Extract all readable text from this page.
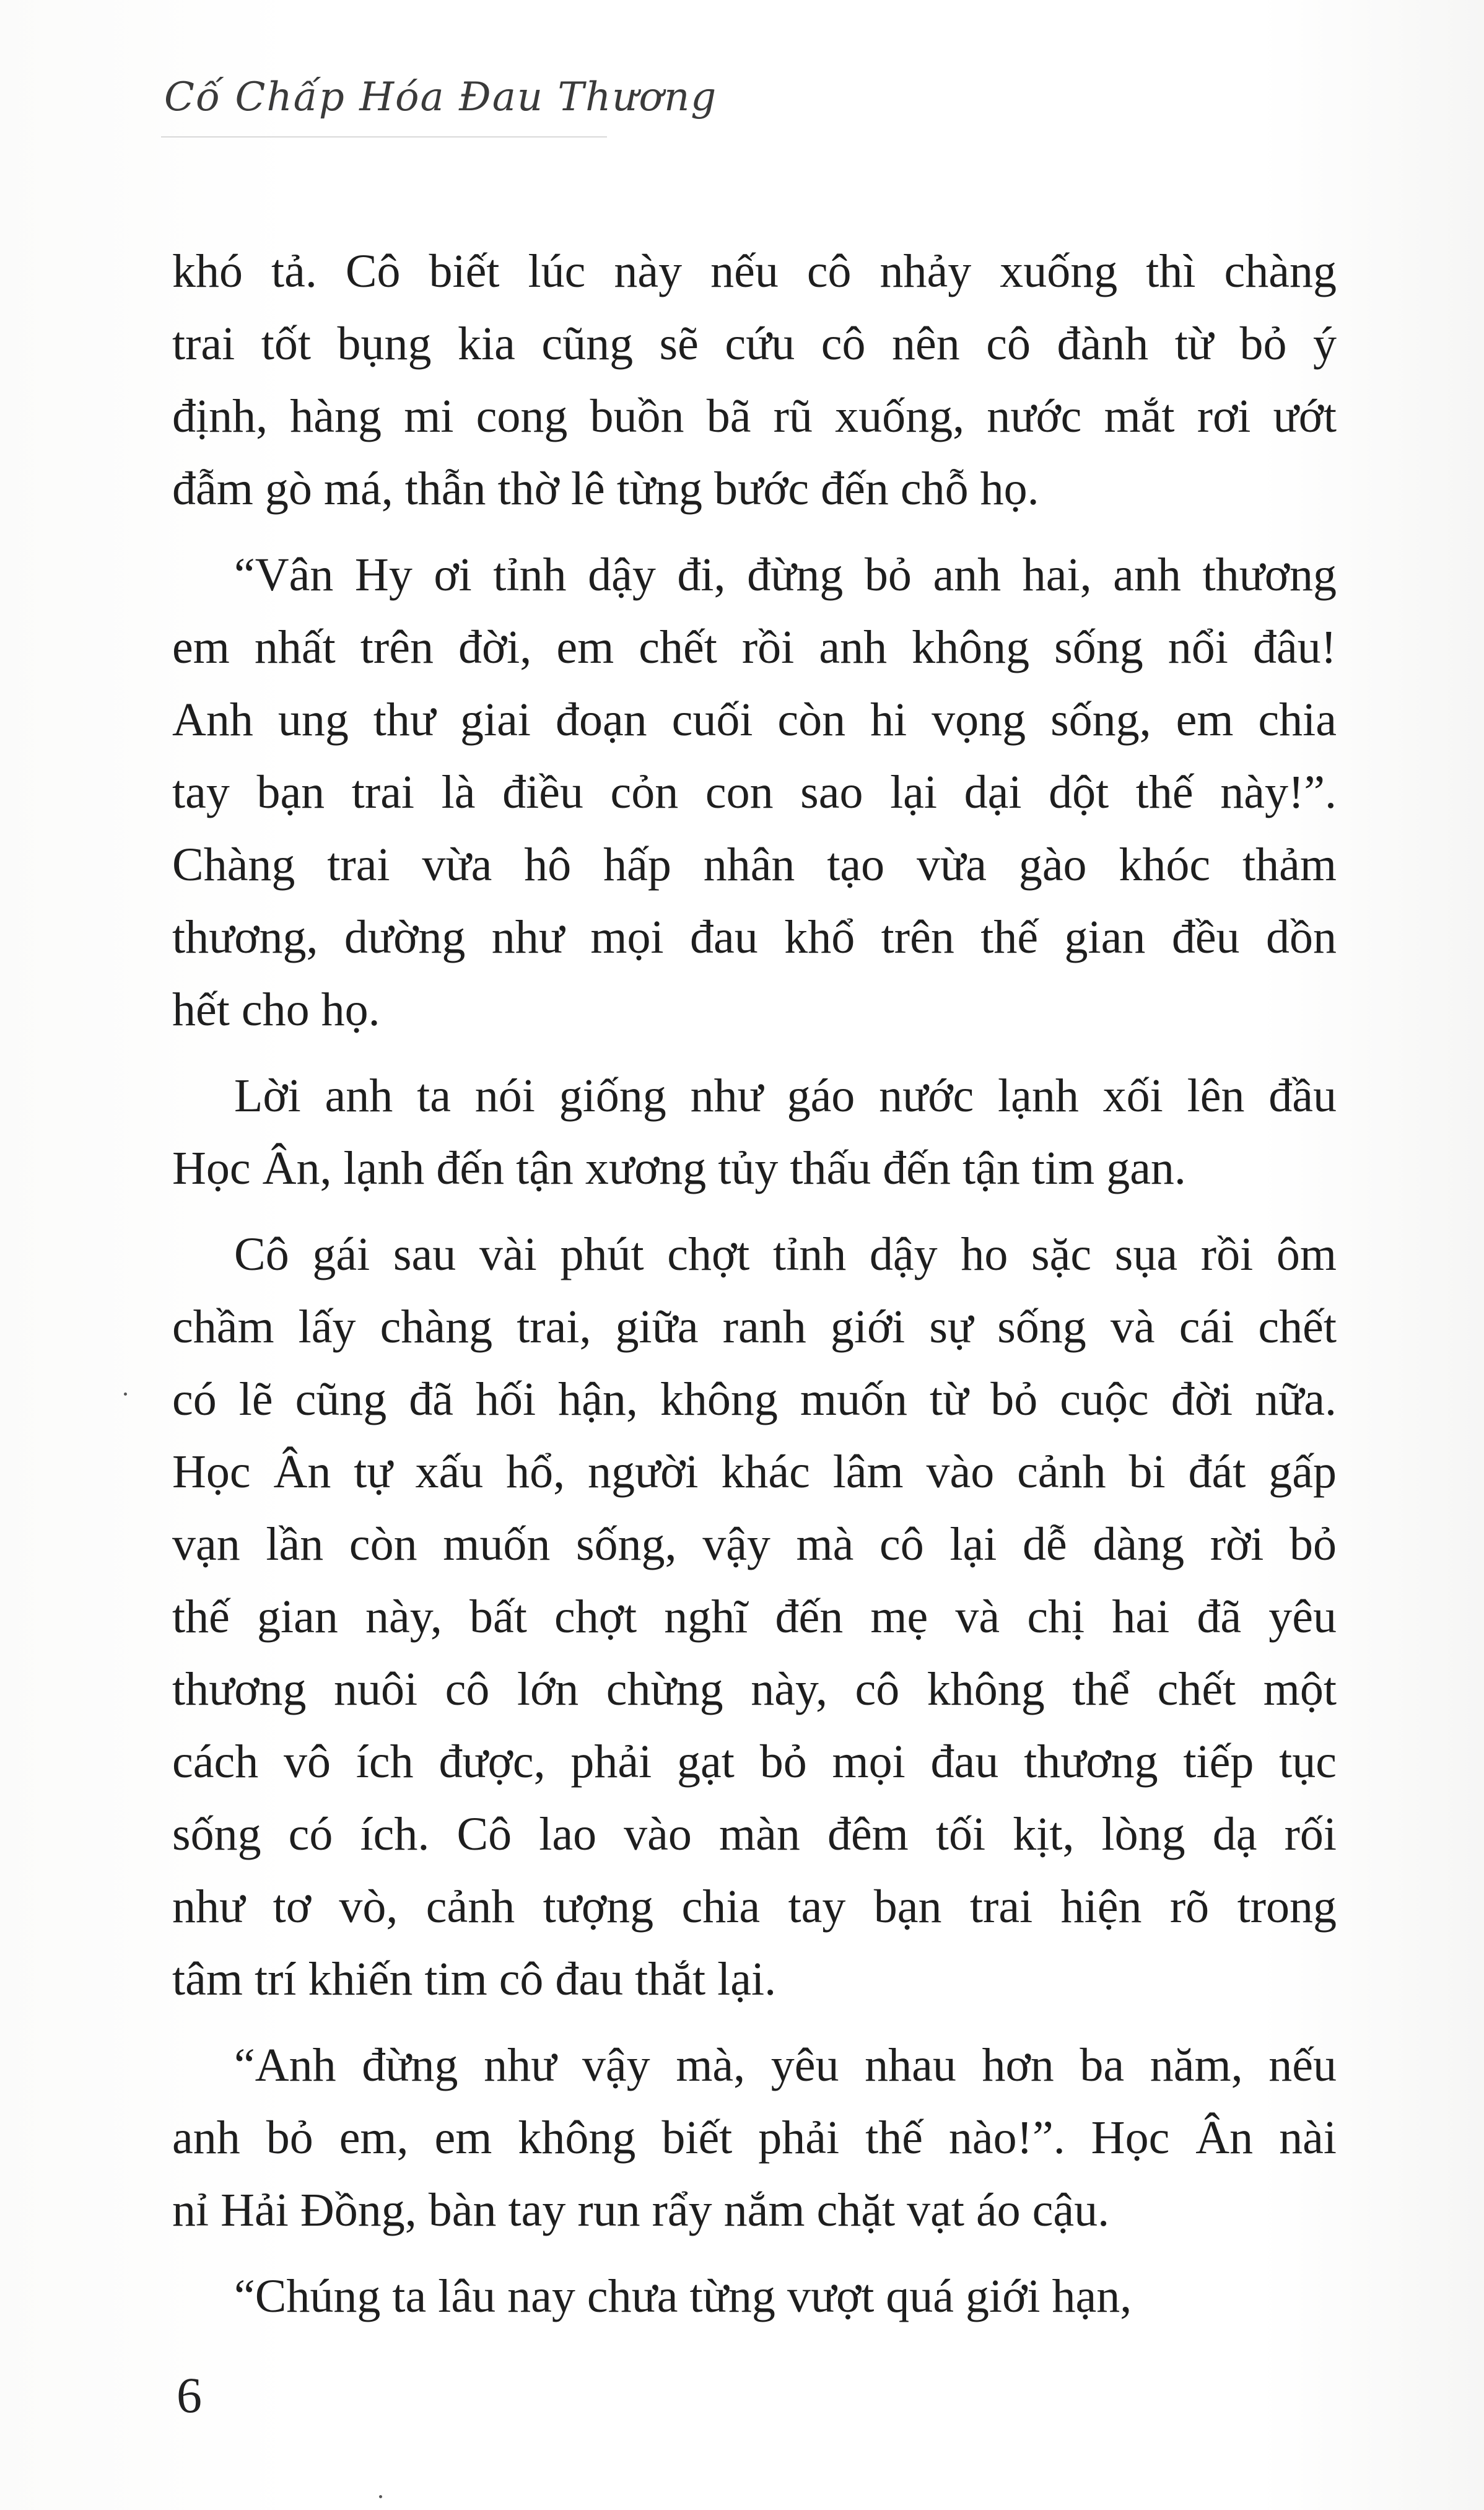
Cố Chấp Hóa Đau Thương
khó tả. Cô biết lúc này nếu cô nhảy xuống thì chàng
trai tốt bụng kia cũng sẽ cứu cô nên cô đành từ bỏ ý
định, hàng mi cong buồn bã rũ xuống, nước mắt rơi ướt
đẫm gò má, thẫn thờ lê từng bước đến chỗ họ.
“Vân Hy ơi tỉnh dậy đi, đừng bỏ anh hai, anh thương
em nhất trên đời, em chết rồi anh không sống nổi đâu!
Anh ung thư giai đoạn cuối còn hi vọng sống, em chia
tay bạn trai là điều cỏn con sao lại dại dột thế này!”.
Chàng trai vừa hô hấp nhân tạo vừa gào khóc thảm
thương, dường như mọi đau khổ trên thế gian đều dồn
hết cho họ.
Lời anh ta nói giống như gáo nước lạnh xối lên đầu
Học Ân, lạnh đến tận xương tủy thấu đến tận tim gan.
Cô gái sau vài phút chợt tỉnh dậy ho sặc sụa rồi ôm
chầm lấy chàng trai, giữa ranh giới sự sống và cái chết
có lẽ cũng đã hối hận, không muốn từ bỏ cuộc đời nữa.
Học Ân tự xấu hổ, người khác lâm vào cảnh bi đát gấp
vạn lần còn muốn sống, vậy mà cô lại dễ dàng rời bỏ
thế gian này, bất chợt nghĩ đến mẹ và chị hai đã yêu
thương nuôi cô lớn chừng này, cô không thể chết một
cách vô ích được, phải gạt bỏ mọi đau thương tiếp tục
sống có ích. Cô lao vào màn đêm tối kịt, lòng dạ rối
như tơ vò, cảnh tượng chia tay bạn trai hiện rõ trong
tâm trí khiến tim cô đau thắt lại.
“Anh đừng như vậy mà, yêu nhau hơn ba năm, nếu
anh bỏ em, em không biết phải thế nào!”. Học Ân nài
nỉ Hải Đồng, bàn tay run rẩy nắm chặt vạt áo cậu.
“Chúng ta lâu nay chưa từng vượt quá giới hạn,
6
